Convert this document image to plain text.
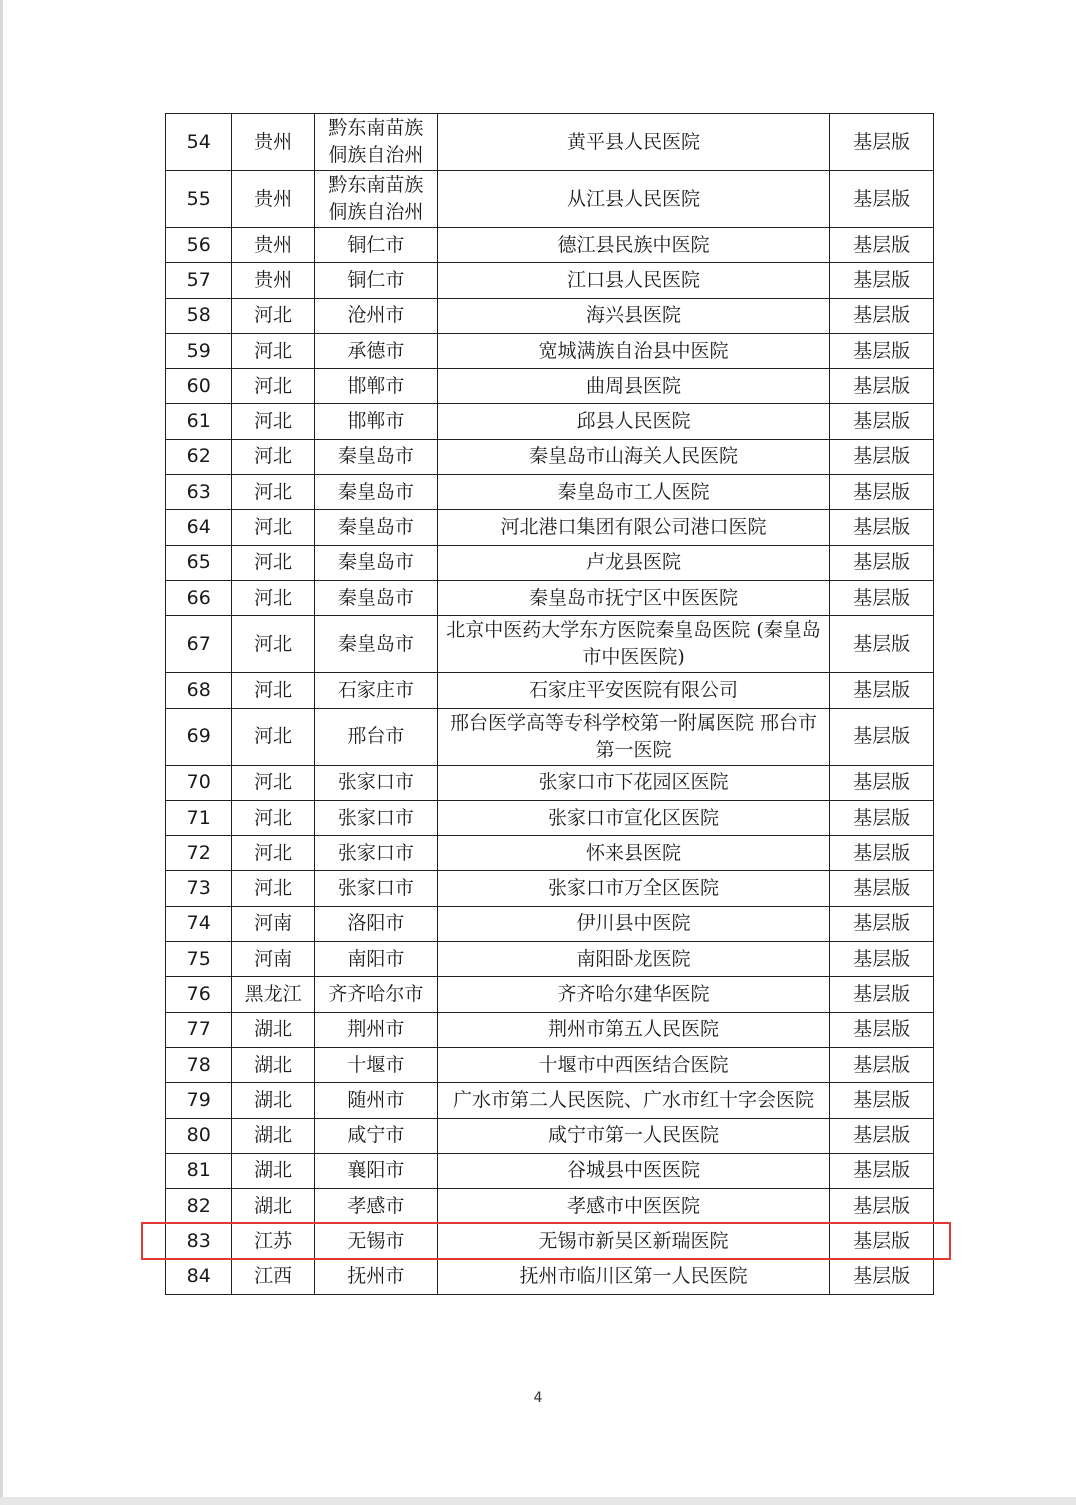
54	贵州	黔东南苗族侗族自治州	黄平县人民医院	基层版
55	贵州	黔东南苗族侗族自治州	从江县人民医院	基层版
56	贵州	铜仁市	德江县民族中医院	基层版
57	贵州	铜仁市	江口县人民医院	基层版
58	河北	沧州市	海兴县医院	基层版
59	河北	承德市	宽城满族自治县中医院	基层版
60	河北	邯郸市	曲周县医院	基层版
61	河北	邯郸市	邱县人民医院	基层版
62	河北	秦皇岛市	秦皇岛市山海关人民医院	基层版
63	河北	秦皇岛市	秦皇岛市工人医院	基层版
64	河北	秦皇岛市	河北港口集团有限公司港口医院	基层版
65	河北	秦皇岛市	卢龙县医院	基层版
66	河北	秦皇岛市	秦皇岛市抚宁区中医医院	基层版
67	河北	秦皇岛市	北京中医药大学东方医院秦皇岛医院 (秦皇岛市中医医院)	基层版
68	河北	石家庄市	石家庄平安医院有限公司	基层版
69	河北	邢台市	邢台医学高等专科学校第一附属医院 邢台市第一医院	基层版
70	河北	张家口市	张家口市下花园区医院	基层版
71	河北	张家口市	张家口市宣化区医院	基层版
72	河北	张家口市	怀来县医院	基层版
73	河北	张家口市	张家口市万全区医院	基层版
74	河南	洛阳市	伊川县中医院	基层版
75	河南	南阳市	南阳卧龙医院	基层版
76	黑龙江	齐齐哈尔市	齐齐哈尔建华医院	基层版
77	湖北	荆州市	荆州市第五人民医院	基层版
78	湖北	十堰市	十堰市中西医结合医院	基层版
79	湖北	随州市	广水市第二人民医院、广水市红十字会医院	基层版
80	湖北	咸宁市	咸宁市第一人民医院	基层版
81	湖北	襄阳市	谷城县中医医院	基层版
82	湖北	孝感市	孝感市中医医院	基层版
83	江苏	无锡市	无锡市新吴区新瑞医院	基层版
84	江西	抚州市	抚州市临川区第一人民医院	基层版
4
